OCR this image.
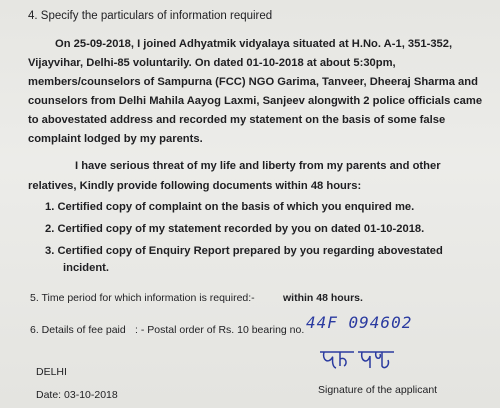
4. Specify the particulars of information required
On 25-09-2018, I joined Adhyatmik vidyalaya situated at H.No. A-1, 351-352,
Vijayvihar, Delhi-85 voluntarily. On dated 01-10-2018 at about 5:30pm,
members/counselors of Sampurna (FCC) NGO Garima, Tanveer, Dheeraj Sharma and
counselors from Delhi Mahila Aayog Laxmi, Sanjeev alongwith 2 police officials came
to abovestated address and recorded my statement on the basis of some false
complaint lodged by my parents.
I have serious threat of my life and liberty from my parents and other
relatives, Kindly provide following documents within 48 hours:
1. Certified copy of complaint on the basis of which you enquired me.
2. Certified copy of my statement recorded by you on dated 01-10-2018.
3. Certified copy of Enquiry Report prepared by you regarding abovestated
incident.
5. Time period for which information is required:-	within 48 hours.
6. Details of fee paid : - Postal order of Rs. 10 bearing no. 44F 094602
DELHI
Date: 03-10-2018	Signature of the applicant
